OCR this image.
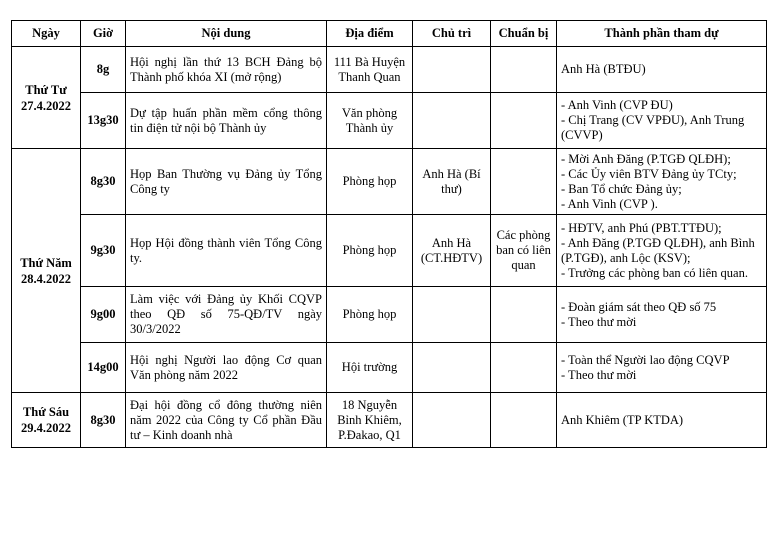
Ngày	Giờ	Nội dung	Địa điểm	Chủ trì	Chuẩn bị	Thành phần tham dự

Thứ Tư
27.4.2022	8g	Hội nghị lần thứ 13 BCH Đảng bộ Thành phố khóa XI (mở rộng)	111 Bà Huyện Thanh Quan			Anh Hà (BTĐU)

	13g30	Dự tập huấn phần mềm cổng thông tin điện tử nội bộ Thành ủy	Văn phòng Thành ủy			- Anh Vinh (CVP ĐU)
- Chị Trang (CV VPĐU), Anh Trung (CVVP)

Thứ Năm
28.4.2022	8g30	Họp Ban Thường vụ Đảng ủy Tổng Công ty	Phòng họp	Anh Hà (Bí thư)		- Mời Anh Đăng (P.TGĐ QLĐH);
- Các Ủy viên BTV Đảng ủy TCty;
- Ban Tổ chức Đảng ủy;
- Anh Vinh (CVP ).

	9g30	Họp Hội đồng thành viên Tổng Công ty.	Phòng họp	Anh Hà (CT.HĐTV)	Các phòng ban có liên quan	- HĐTV, anh Phú (PBT.TTĐU);
- Anh Đăng (P.TGĐ QLĐH), anh Bình (P.TGĐ), anh Lộc (KSV);
- Trưởng các phòng ban có liên quan.

	9g00	Làm việc với Đảng ủy Khối CQVP theo QĐ số 75-QĐ/TV ngày 30/3/2022	Phòng họp			- Đoàn giám sát theo QĐ số 75
- Theo thư mời

	14g00	Hội nghị Người lao động Cơ quan Văn phòng năm 2022	Hội trường			- Toàn thể Người lao động CQVP
- Theo thư mời

Thứ Sáu
29.4.2022	8g30	Đại hội đồng cổ đông thường niên năm 2022 của Công ty Cổ phần Đầu tư – Kinh doanh nhà	18 Nguyễn Bỉnh Khiêm, P.Đakao, Q1			Anh Khiêm (TP KTDA)
